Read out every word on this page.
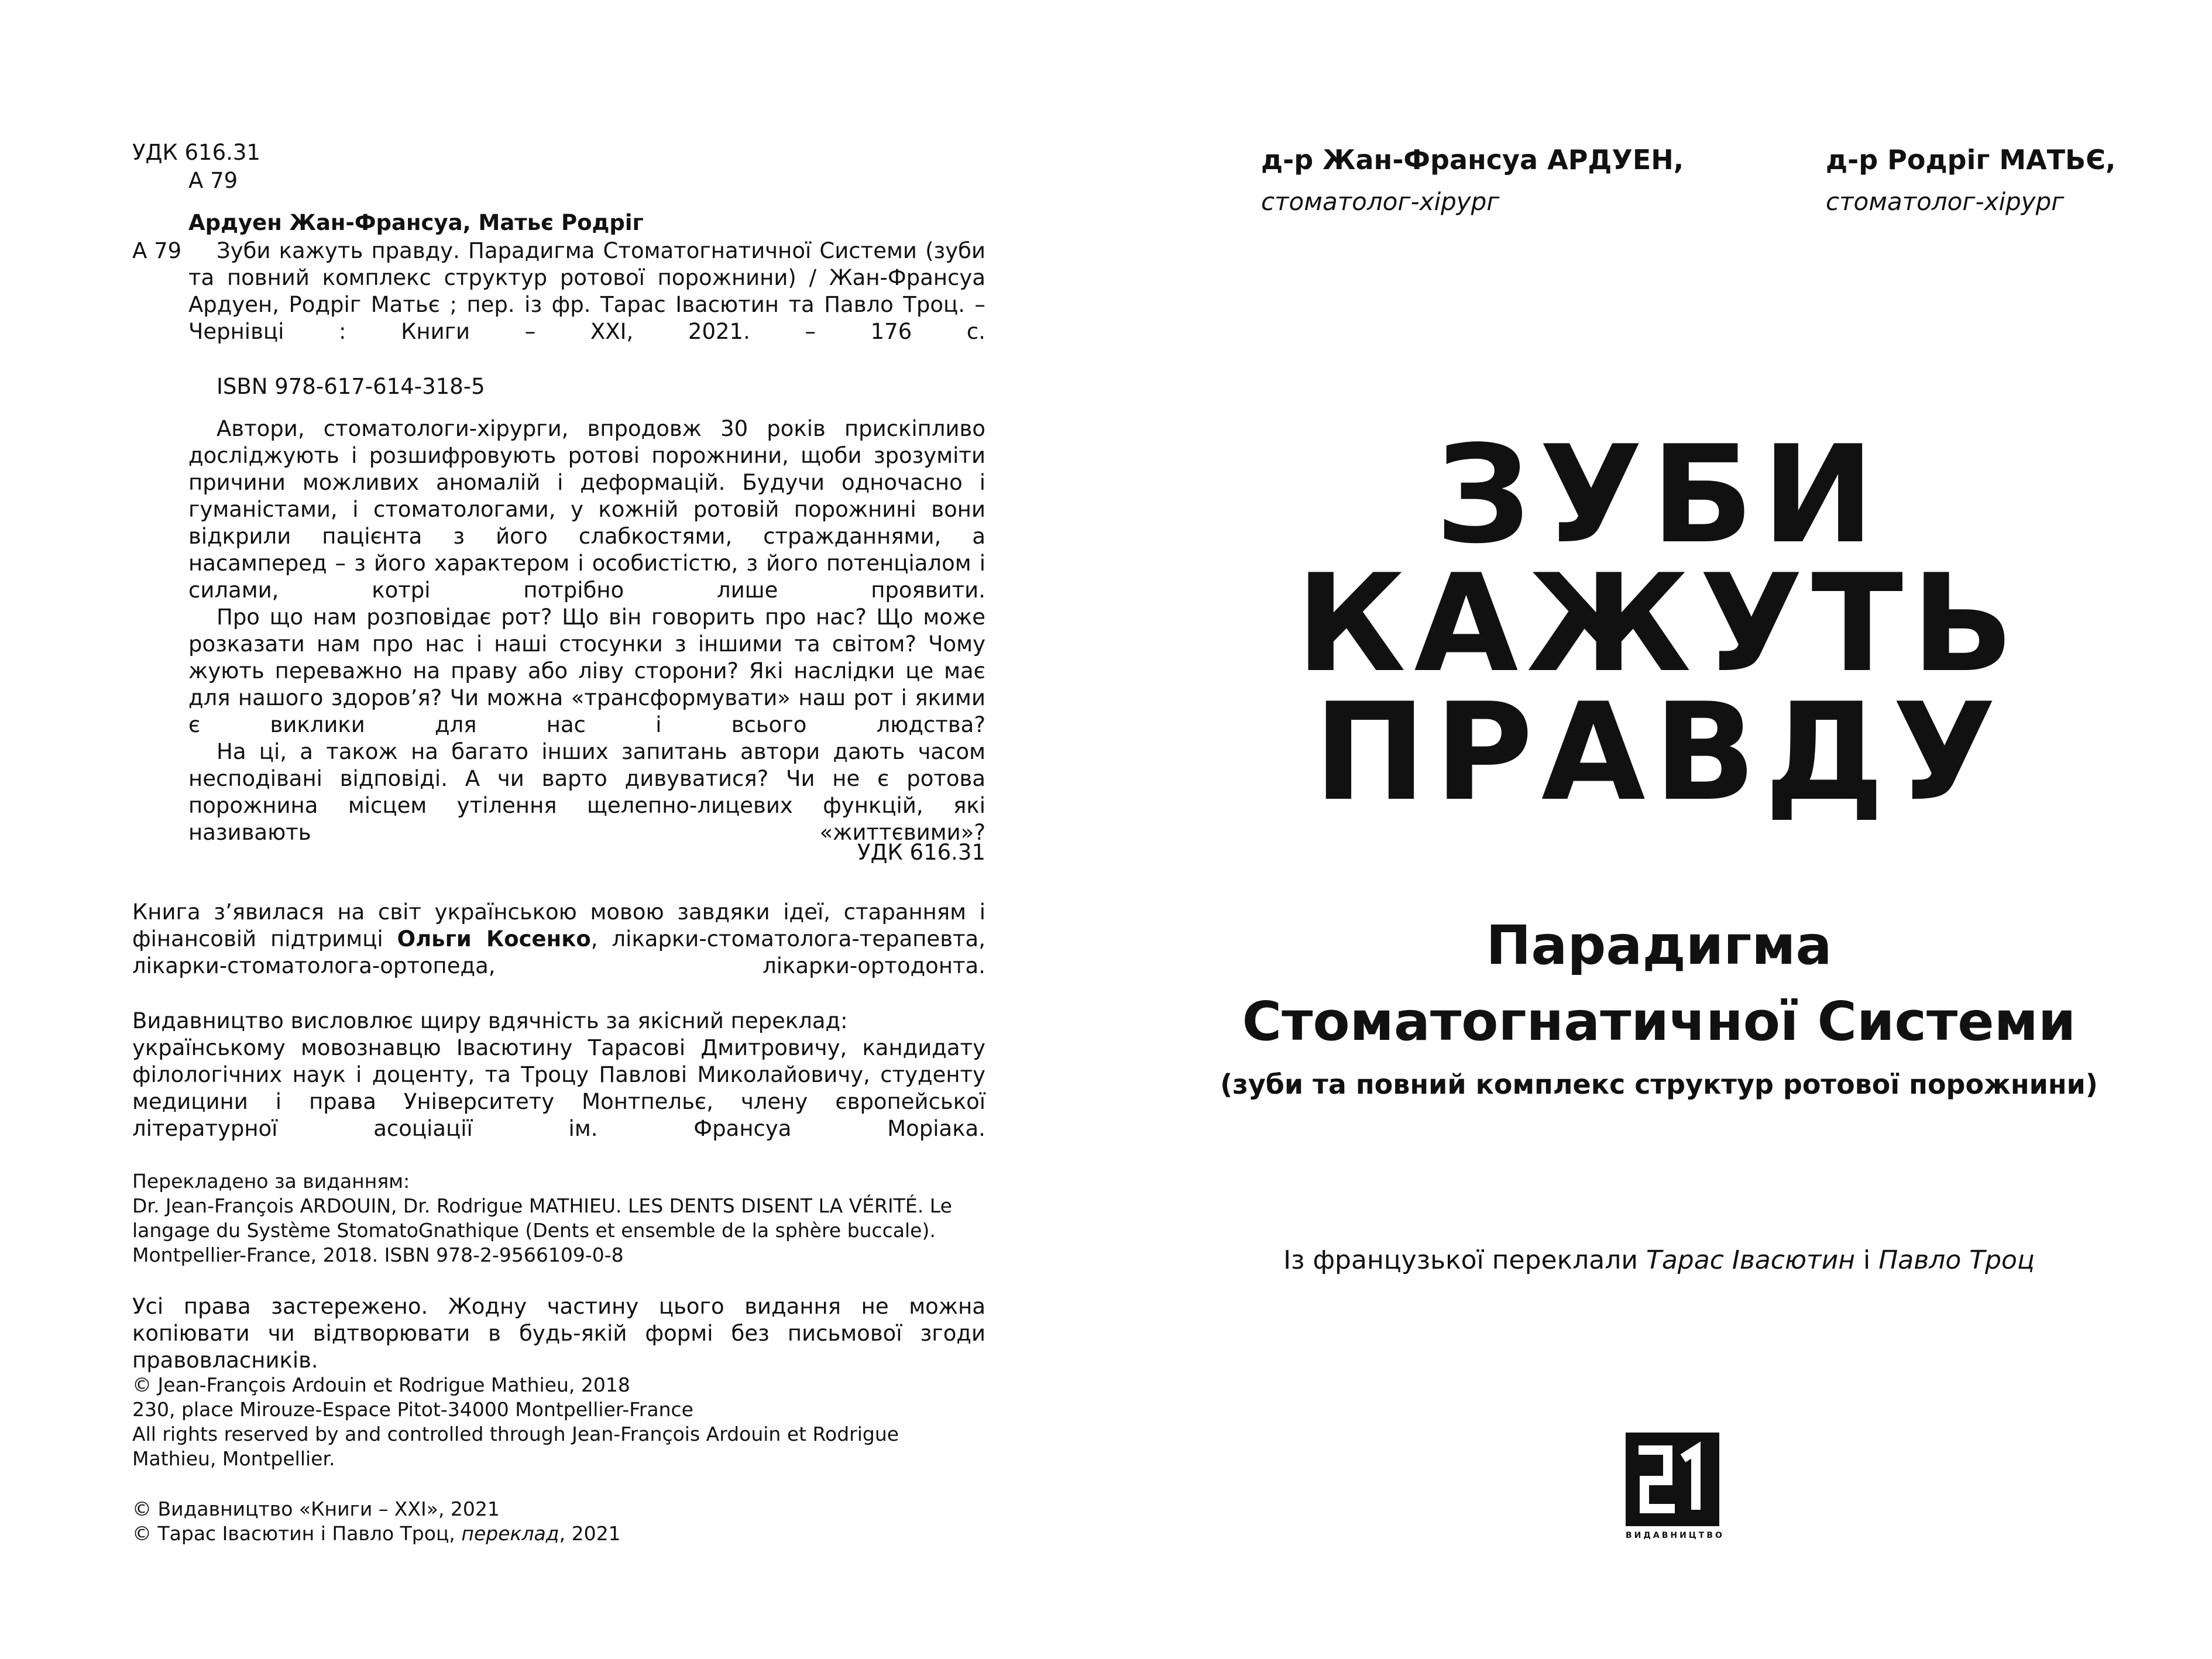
УДК 616.31
А 79
Ардуен Жан-Франсуа, Матьє Родріг
А 79	Зуби кажуть правду. Парадигма Стоматогнатичної Системи (зуби
та повний комплекс структур ротової порожнини) / Жан-Франсуа Ардуен, Родріг Матьє ; пер. із фр. Тарас Івасютин та Павло Троц. – Чернівці : Книги – XXI, 2021. – 176 с.
ISBN 978-617-614-318-5
Автори, стоматологи-хірурги, впродовж 30 років прискіпливо досліджують і розшифровують ротові порожнини, щоби зрозуміти причини можливих аномалій і деформацій. Будучи одночасно і гуманістами, і стоматологами, у кожній ротовій порожнині вони відкрили пацієнта з його слабкостями, стражданнями, а насамперед – з його характером і особистістю, з його потенціалом і силами, котрі потрібно лише проявити.
Про що нам розповідає рот? Що він говорить про нас? Що може розказати нам про нас і наші стосунки з іншими та світом? Чому жують переважно на праву або ліву сторони? Які наслідки це має для нашого здоров’я? Чи можна «трансформувати» наш рот і якими є виклики для нас і всього людства?
На ці, а також на багато інших запитань автори дають часом несподівані відповіді. А чи варто дивуватися? Чи не є ротова порожнина місцем утілення щелепно-лицевих функцій, які називають «життєвими»?
УДК 616.31
Книга з’явилася на світ українською мовою завдяки ідеї, старанням і фінансовій підтримці Ольги Косенко, лікарки-стоматолога-терапевта, лікарки-стоматолога-ортопеда, лікарки-ортодонта.
Видавництво висловлює щиру вдячність за якісний переклад:
українському мовознавцю Івасютину Тарасові Дмитровичу, кандидату філологічних наук і доценту, та Троцу Павлові Миколайовичу, студенту медицини і права Університету Монтпельє, члену європейської літературної асоціації ім. Франсуа Моріака.
Перекладено за виданням:
Dr. Jean-François ARDOUIN, Dr. Rodrigue MATHIEU. LES DENTS DISENT LA VÉRITÉ. Le
langage du Système StomatoGnathique (Dents et ensemble de la sphère buccale).
Montpellier-France, 2018. ISBN 978-2-9566109-0-8
Усі права застережено. Жодну частину цього видання не можна копіювати чи відтворювати в будь-якій формі без письмової згоди правовласників.
© Jean-François Ardouin et Rodrigue Mathieu, 2018
230, place Mirouze-Espace Pitot-34000 Montpellier-France
All rights reserved by and controlled through Jean-François Ardouin et Rodrigue
Mathieu, Montpellier.
© Видавництво «Книги – XXI», 2021
© Тарас Івасютин і Павло Троц, переклад, 2021
д-р Жан-Франсуа АРДУЕН,
стоматолог-хірург
д-р Родріг МАТЬЄ,
стоматолог-хірург
ЗУБИ
КАЖУТЬ
ПРАВДУ
Парадигма
Стоматогнатичної Системи
(зуби та повний комплекс структур ротової порожнини)
Із французької переклали Тарас Івасютин і Павло Троц
ВИДАВНИЦТВО
